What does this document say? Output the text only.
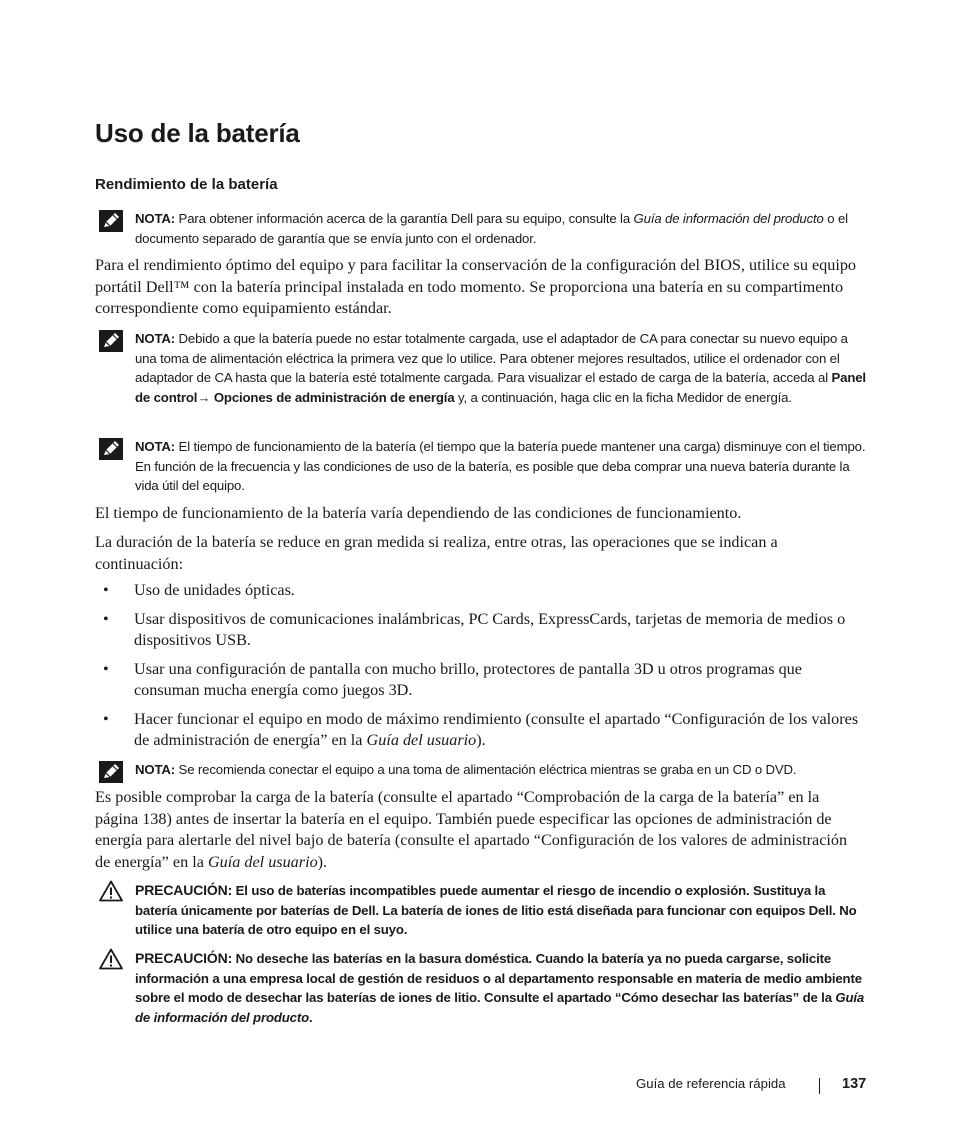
Uso de la batería
Rendimiento de la batería
NOTA: Para obtener información acerca de la garantía Dell para su equipo, consulte la Guía de información del producto o el documento separado de garantía que se envía junto con el ordenador.

Para el rendimiento óptimo del equipo y para facilitar la conservación de la configuración del BIOS, utilice su equipo portátil Dell™ con la batería principal instalada en todo momento. Se proporciona una batería en su compartimento correspondiente como equipamiento estándar.

NOTA: Debido a que la batería puede no estar totalmente cargada, use el adaptador de CA para conectar su nuevo equipo a una toma de alimentación eléctrica la primera vez que lo utilice. Para obtener mejores resultados, utilice el ordenador con el adaptador de CA hasta que la batería esté totalmente cargada. Para visualizar el estado de carga de la batería, acceda al Panel de control→ Opciones de administración de energía y, a continuación, haga clic en la ficha Medidor de energía.
NOTA: El tiempo de funcionamiento de la batería (el tiempo que la batería puede mantener una carga) disminuye con el tiempo. En función de la frecuencia y las condiciones de uso de la batería, es posible que deba comprar una nueva batería durante la vida útil del equipo.

El tiempo de funcionamiento de la batería varía dependiendo de las condiciones de funcionamiento.

La duración de la batería se reduce en gran medida si realiza, entre otras, las operaciones que se indican a continuación:

• Uso de unidades ópticas.
• Usar dispositivos de comunicaciones inalámbricas, PC Cards, ExpressCards, tarjetas de memoria de medios o dispositivos USB.
• Usar una configuración de pantalla con mucho brillo, protectores de pantalla 3D u otros programas que consuman mucha energía como juegos 3D.
• Hacer funcionar el equipo en modo de máximo rendimiento (consulte el apartado “Configuración de los valores de administración de energía” en la Guía del usuario).
NOTA: Se recomienda conectar el equipo a una toma de alimentación eléctrica mientras se graba en un CD o DVD.

Es posible comprobar la carga de la batería (consulte el apartado “Comprobación de la carga de la batería” en la página 138) antes de insertar la batería en el equipo. También puede especificar las opciones de administración de energía para alertarle del nivel bajo de batería (consulte el apartado “Configuración de los valores de administración de energía” en la Guía del usuario).

PRECAUCIÓN: El uso de baterías incompatibles puede aumentar el riesgo de incendio o explosión. Sustituya la batería únicamente por baterías de Dell. La batería de iones de litio está diseñada para funcionar con equipos Dell. No utilice una batería de otro equipo en el suyo.
PRECAUCIÓN: No deseche las baterías en la basura doméstica. Cuando la batería ya no pueda cargarse, solicite información a una empresa local de gestión de residuos o al departamento responsable en materia de medio ambiente sobre el modo de desechar las baterías de iones de litio. Consulte el apartado “Cómo desechar las baterías” de la Guía de información del producto.
Guía de referencia rápida	137
